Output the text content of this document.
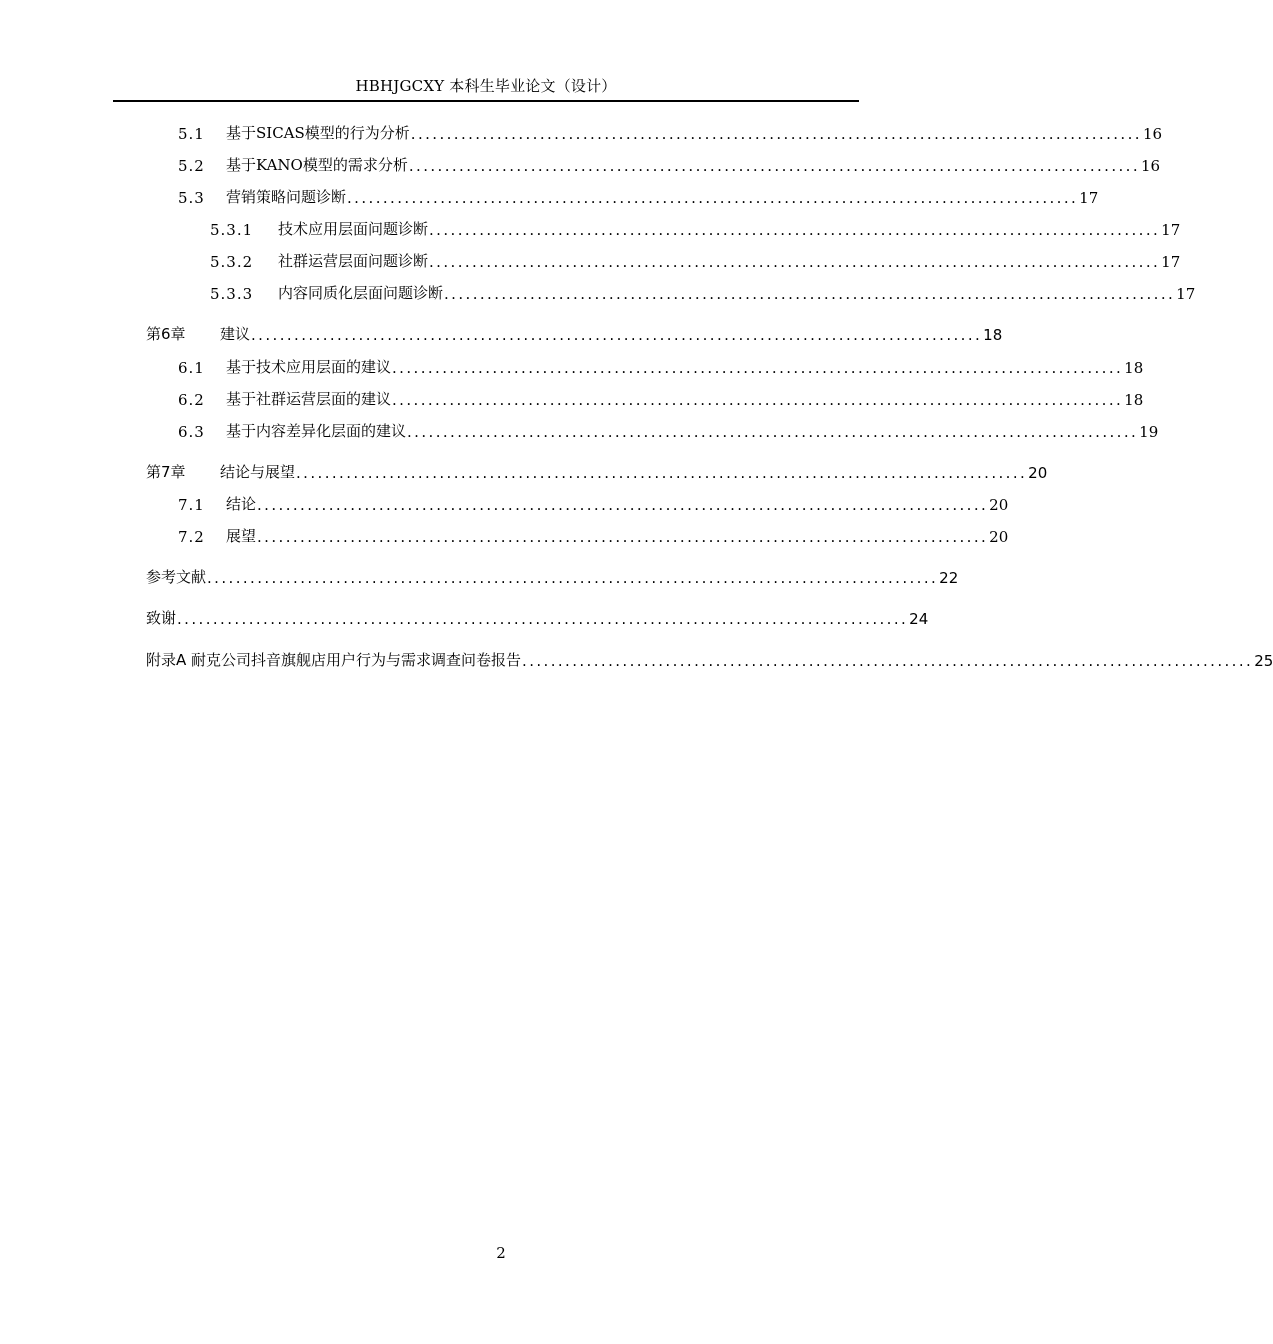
HBHJGCXY 本科生毕业论文（设计）
5.1	基于SICAS模型的行为分析 ...................................................................................................... 16
5.2	基于KANO模型的需求分析 ...................................................................................................... 16
5.3	营销策略问题诊断 ...................................................................................................... 17
5.3.1	技术应用层面问题诊断 ...................................................................................................... 17
5.3.2	社群运营层面问题诊断 ...................................................................................................... 17
5.3.3	内容同质化层面问题诊断 ...................................................................................................... 17
第6章	建议 ...................................................................................................... 18
6.1	基于技术应用层面的建议 ...................................................................................................... 18
6.2	基于社群运营层面的建议 ...................................................................................................... 18
6.3	基于内容差异化层面的建议 ...................................................................................................... 19
第7章	结论与展望 ...................................................................................................... 20
7.1	结论 ...................................................................................................... 20
7.2	展望 ...................................................................................................... 20
参考文献 ...................................................................................................... 22
致谢 ...................................................................................................... 24
附录A 耐克公司抖音旗舰店用户行为与需求调查问卷报告 ...................................................................................................... 25
2
